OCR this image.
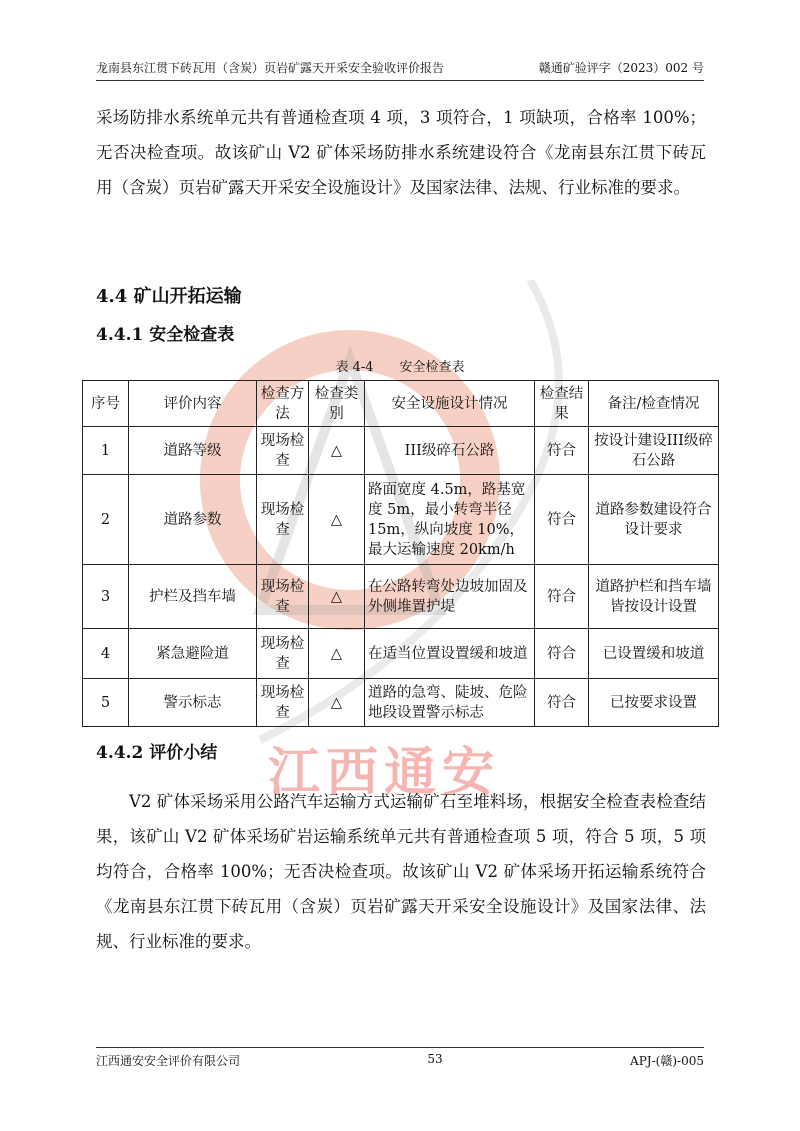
江西通安
龙南县东江贯下砖瓦用（含炭）页岩矿露天开采安全验收评价报告	赣通矿验评字（2023）002 号

采场防排水系统单元共有普通检查项 4 项，3 项符合，1 项缺项，合格率 100%；无否决检查项。故该矿山 V2 矿体采场防排水系统建设符合《龙南县东江贯下砖瓦用（含炭）页岩矿露天开采安全设施设计》及国家法律、法规、行业标准的要求。

4.4 矿山开拓运输
4.4.1 安全检查表
表 4-4　　安全检查表
序号	评价内容	检查方法	检查类别	安全设施设计情况	检查结果	备注/检查情况
1	道路等级	现场检查	△	III级碎石公路	符合	按设计建设III级碎石公路
2	道路参数	现场检查	△	路面宽度 4.5m，路基宽度 5m，最小转弯半径 15m，纵向坡度 10%，最大运输速度 20km/h	符合	道路参数建设符合设计要求
3	护栏及挡车墙	现场检查	△	在公路转弯处边坡加固及外侧堆置护堤	符合	道路护栏和挡车墙皆按设计设置
4	紧急避险道	现场检查	△	在适当位置设置缓和坡道	符合	已设置缓和坡道
5	警示标志	现场检查	△	道路的急弯、陡坡、危险地段设置警示标志	符合	已按要求设置
4.4.2 评价小结

V2 矿体采场采用公路汽车运输方式运输矿石至堆料场，根据安全检查表检查结果，该矿山 V2 矿体采场矿岩运输系统单元共有普通检查项 5 项，符合 5 项，5 项均符合，合格率 100%；无否决检查项。故该矿山 V2 矿体采场开拓运输系统符合《龙南县东江贯下砖瓦用（含炭）页岩矿露天开采安全设施设计》及国家法律、法规、行业标准的要求。

江西通安安全评价有限公司	53	APJ-(赣)-005
